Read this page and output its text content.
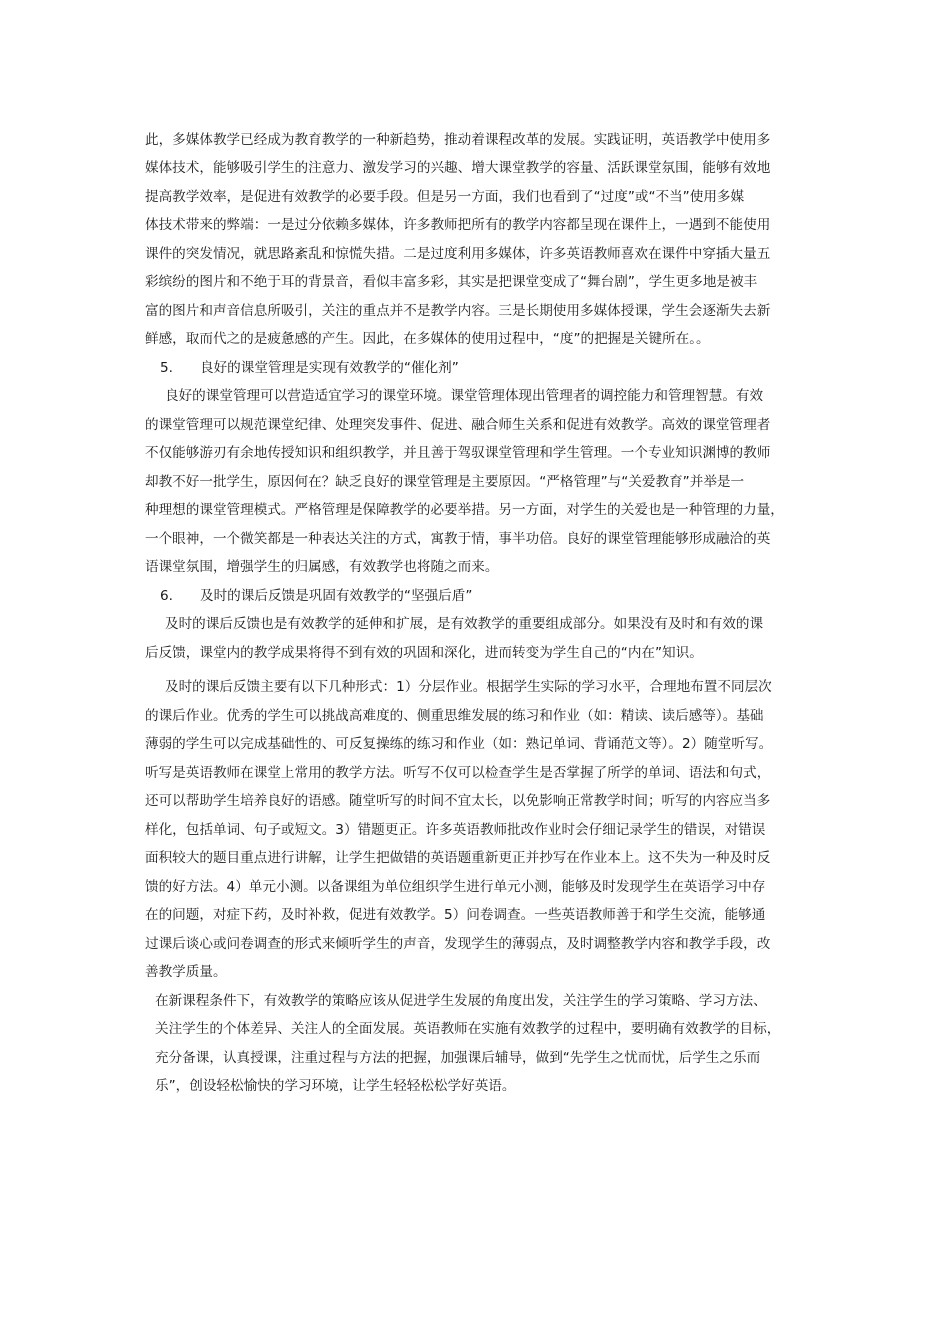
此，多媒体教学已经成为教育教学的一种新趋势，推动着课程改革的发展。实践证明，英语教学中使用多

媒体技术，能够吸引学生的注意力、激发学习的兴趣、增大课堂教学的容量、活跃课堂氛围，能够有效地

提高教学效率，是促进有效教学的必要手段。但是另一方面，我们也看到了“过度”或“不当”使用多媒

体技术带来的弊端：一是过分依赖多媒体，许多教师把所有的教学内容都呈现在课件上，一遇到不能使用

课件的突发情况，就思路紊乱和惊慌失措。二是过度利用多媒体，许多英语教师喜欢在课件中穿插大量五

彩缤纷的图片和不绝于耳的背景音，看似丰富多彩，其实是把课堂变成了“舞台剧”，学生更多地是被丰

富的图片和声音信息所吸引，关注的重点并不是教学内容。三是长期使用多媒体授课，学生会逐渐失去新

鲜感，取而代之的是疲惫感的产生。因此，在多媒体的使用过程中，“度”的把握是关键所在。。

5. 良好的课堂管理是实现有效教学的“催化剂”

良好的课堂管理可以营造适宜学习的课堂环境。课堂管理体现出管理者的调控能力和管理智慧。有效

的课堂管理可以规范课堂纪律、处理突发事件、促进、融合师生关系和促进有效教学。高效的课堂管理者

不仅能够游刃有余地传授知识和组织教学，并且善于驾驭课堂管理和学生管理。一个专业知识渊博的教师

却教不好一批学生，原因何在？缺乏良好的课堂管理是主要原因。“严格管理”与“关爱教育”并举是一

种理想的课堂管理模式。严格管理是保障教学的必要举措。另一方面，对学生的关爱也是一种管理的力量，

一个眼神，一个微笑都是一种表达关注的方式，寓教于情，事半功倍。良好的课堂管理能够形成融洽的英

语课堂氛围，增强学生的归属感，有效教学也将随之而来。

6. 及时的课后反馈是巩固有效教学的“坚强后盾”

及时的课后反馈也是有效教学的延伸和扩展，是有效教学的重要组成部分。如果没有及时和有效的课

后反馈，课堂内的教学成果将得不到有效的巩固和深化，进而转变为学生自己的“内在”知识。

及时的课后反馈主要有以下几种形式：1）分层作业。根据学生实际的学习水平，合理地布置不同层次

的课后作业。优秀的学生可以挑战高难度的、侧重思维发展的练习和作业（如：精读、读后感等）。基础

薄弱的学生可以完成基础性的、可反复操练的练习和作业（如：熟记单词、背诵范文等）。2）随堂听写。

听写是英语教师在课堂上常用的教学方法。听写不仅可以检查学生是否掌握了所学的单词、语法和句式，

还可以帮助学生培养良好的语感。随堂听写的时间不宜太长，以免影响正常教学时间；听写的内容应当多

样化，包括单词、句子或短文。3）错题更正。许多英语教师批改作业时会仔细记录学生的错误，对错误

面积较大的题目重点进行讲解，让学生把做错的英语题重新更正并抄写在作业本上。这不失为一种及时反

馈的好方法。4）单元小测。以备课组为单位组织学生进行单元小测，能够及时发现学生在英语学习中存

在的问题，对症下药，及时补救，促进有效教学。5）问卷调查。一些英语教师善于和学生交流，能够通

过课后谈心或问卷调查的形式来倾听学生的声音，发现学生的薄弱点，及时调整教学内容和教学手段，改

善教学质量。

在新课程条件下，有效教学的策略应该从促进学生发展的角度出发，关注学生的学习策略、学习方法、

关注学生的个体差异、关注人的全面发展。英语教师在实施有效教学的过程中，要明确有效教学的目标，

充分备课，认真授课，注重过程与方法的把握，加强课后辅导，做到“先学生之忧而忧，后学生之乐而

乐”，创设轻松愉快的学习环境，让学生轻轻松松学好英语。
